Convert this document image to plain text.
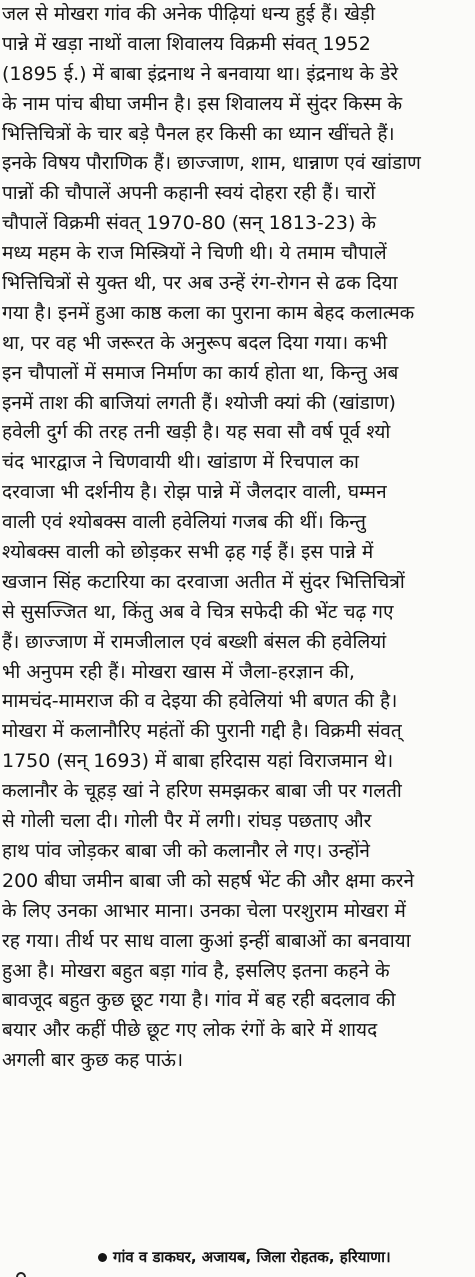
जल से मोखरा गांव की अनेक पीढ़ियां धन्य हुई हैं। खेड़ी
पान्ने में खड़ा नाथों वाला शिवालय विक्रमी संवत् 1952
(1895 ई.) में बाबा इंद्रनाथ ने बनवाया था। इंद्रनाथ के डेरे
के नाम पांच बीघा जमीन है। इस शिवालय में सुंदर किस्म के
भित्तिचित्रों के चार बड़े पैनल हर किसी का ध्यान खींचते हैं।
इनके विषय पौराणिक हैं। छाज्जाण, शाम, धान्नाण एवं खांडाण
पान्नों की चौपालें अपनी कहानी स्वयं दोहरा रही हैं। चारों
चौपालें विक्रमी संवत् 1970-80 (सन् 1813-23) के
मध्य महम के राज मिस्त्रियों ने चिणी थी। ये तमाम चौपालें
भित्तिचित्रों से युक्त थी, पर अब उन्हें रंग-रोगन से ढक दिया
गया है। इनमें हुआ काष्ठ कला का पुराना काम बेहद कलात्मक
था, पर वह भी जरूरत के अनुरूप बदल दिया गया। कभी
इन चौपालों में समाज निर्माण का कार्य होता था, किन्तु अब
इनमें ताश की बाजियां लगती हैं। श्योजी क्यां की (खांडाण)
हवेली दुर्ग की तरह तनी खड़ी है। यह सवा सौ वर्ष पूर्व श्यो
चंद भारद्वाज ने चिणवायी थी। खांडाण में रिचपाल का
दरवाजा भी दर्शनीय है। रोझ पान्ने में जैलदार वाली, घम्मन
वाली एवं श्योबक्स वाली हवेलियां गजब की थीं। किन्तु
श्योबक्स वाली को छोड़कर सभी ढ़ह गई हैं। इस पान्ने में
खजान सिंह कटारिया का दरवाजा अतीत में सुंदर भित्तिचित्रों
से सुसज्जित था, किंतु अब वे चित्र सफेदी की भेंट चढ़ गए
हैं। छाज्जाण में रामजीलाल एवं बख्शी बंसल की हवेलियां
भी अनुपम रही हैं। मोखरा खास में जैला-हरज्ञान की,
मामचंद-मामराज की व देइया की हवेलियां भी बणत की है।
मोखरा में कलानौरिए महंतों की पुरानी गद्दी है। विक्रमी संवत्
1750 (सन् 1693) में बाबा हरिदास यहां विराजमान थे।
कलानौर के चूहड़ खां ने हरिण समझकर बाबा जी पर गलती
से गोली चला दी। गोली पैर में लगी। रांघड़ पछताए और
हाथ पांव जोड़कर बाबा जी को कलानौर ले गए। उन्होंने
200 बीघा जमीन बाबा जी को सहर्ष भेंट की और क्षमा करने
के लिए उनका आभार माना। उनका चेला परशुराम मोखरा में
रह गया। तीर्थ पर साध वाला कुआं इन्हीं बाबाओं का बनवाया
हुआ है। मोखरा बहुत बड़ा गांव है, इसलिए इतना कहने के
बावजूद बहुत कुछ छूट गया है। गांव में बह रही बदलाव की
बयार और कहीं पीछे छूट गए लोक रंगों के बारे में शायद
अगली बार कुछ कह पाऊं।
गांव व डाकघर, अजायब, जिला रोहतक, हरियाणा।
